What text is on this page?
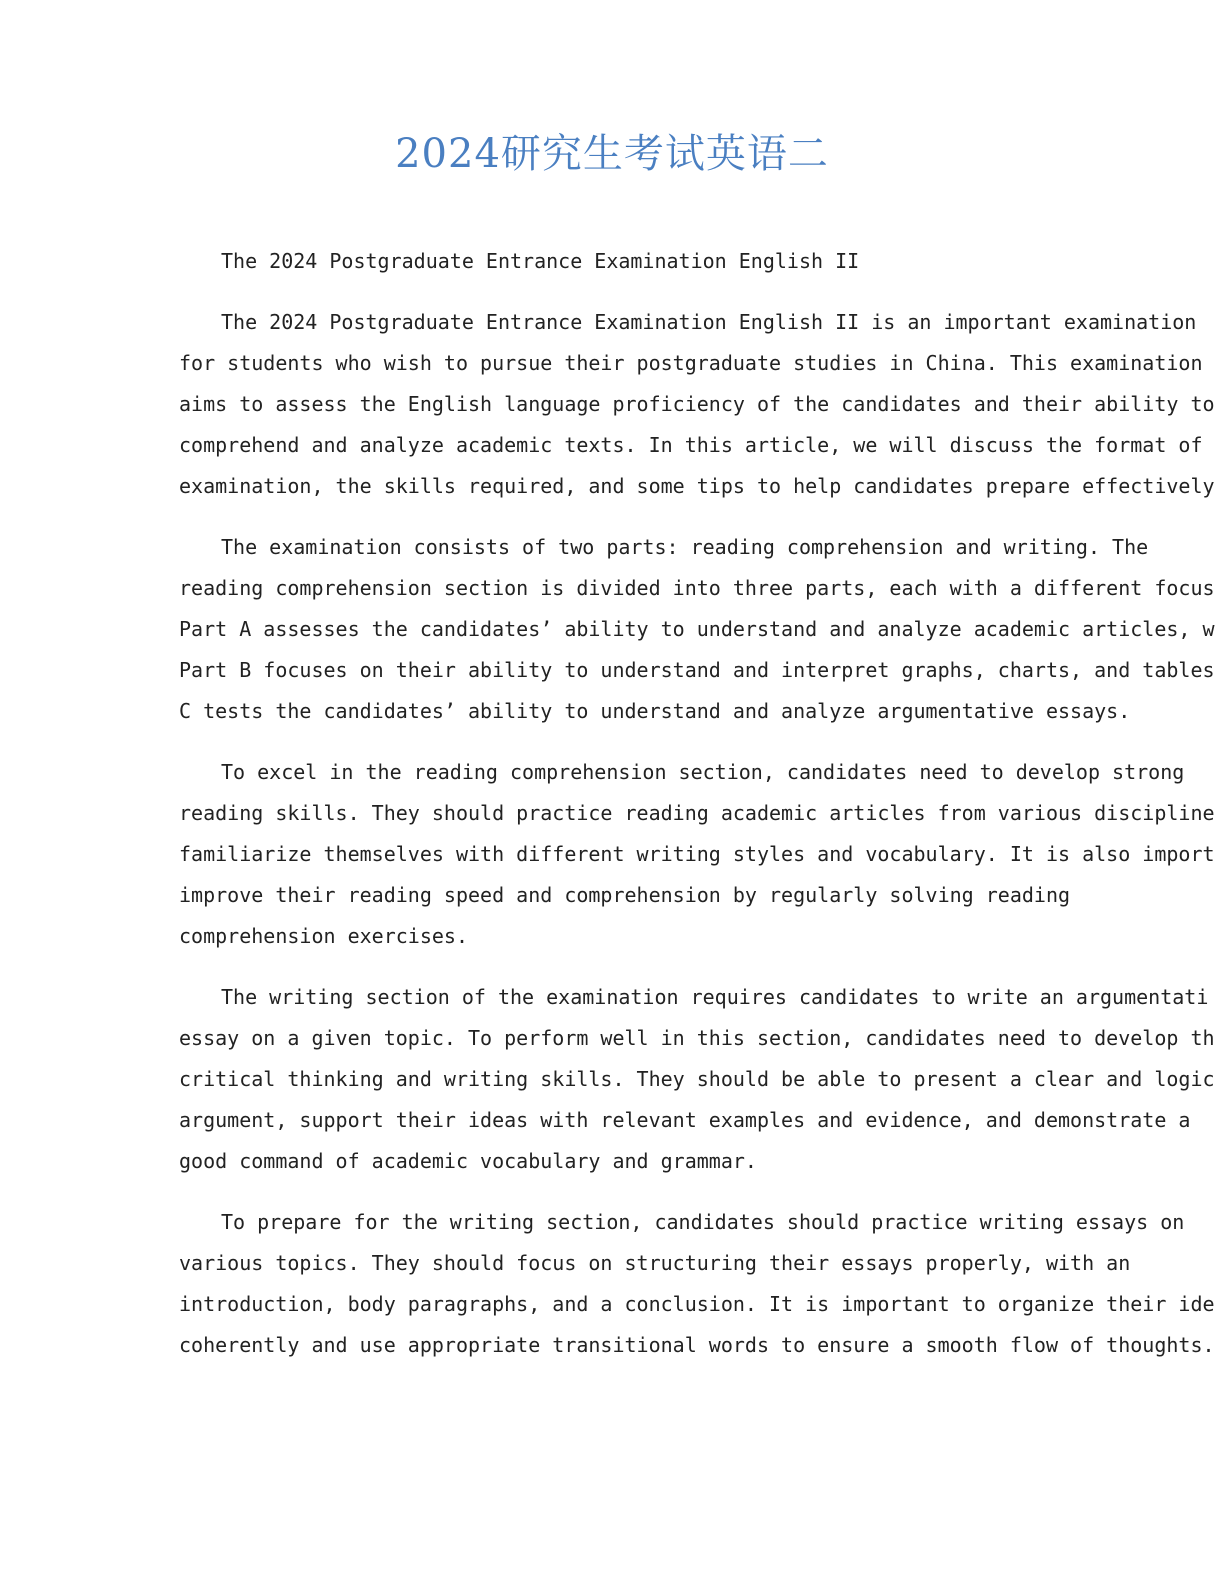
2024研究生考试英语二

The 2024 Postgraduate Entrance Examination English II

The 2024 Postgraduate Entrance Examination English II is an important examination
for students who wish to pursue their postgraduate studies in China. This examination
aims to assess the English language proficiency of the candidates and their ability to
comprehend and analyze academic texts. In this article, we will discuss the format of
examination, the skills required, and some tips to help candidates prepare effectively

The examination consists of two parts: reading comprehension and writing. The
reading comprehension section is divided into three parts, each with a different focus
Part A assesses the candidates’ ability to understand and analyze academic articles, w
Part B focuses on their ability to understand and interpret graphs, charts, and tables
C tests the candidates’ ability to understand and analyze argumentative essays.

To excel in the reading comprehension section, candidates need to develop strong
reading skills. They should practice reading academic articles from various discipline
familiarize themselves with different writing styles and vocabulary. It is also import
improve their reading speed and comprehension by regularly solving reading
comprehension exercises.

The writing section of the examination requires candidates to write an argumentati
essay on a given topic. To perform well in this section, candidates need to develop th
critical thinking and writing skills. They should be able to present a clear and logic
argument, support their ideas with relevant examples and evidence, and demonstrate a
good command of academic vocabulary and grammar.

To prepare for the writing section, candidates should practice writing essays on
various topics. They should focus on structuring their essays properly, with an
introduction, body paragraphs, and a conclusion. It is important to organize their ide
coherently and use appropriate transitional words to ensure a smooth flow of thoughts.
